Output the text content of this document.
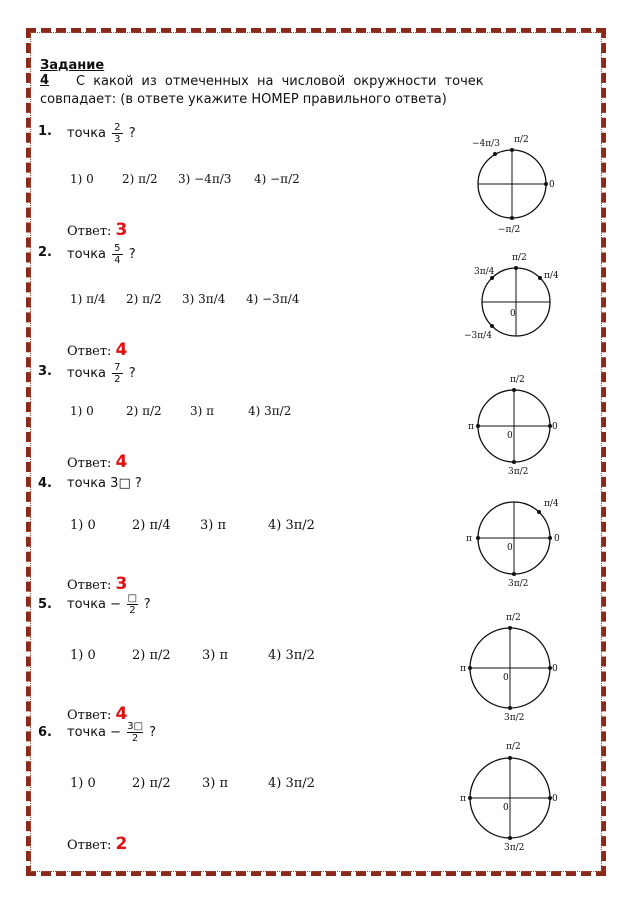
Задание
4 С какой из отмеченных на числовой окружности точек
совпадает: (в ответе укажите НОМЕР правильного ответа)
1. точка $\frac{2}{3}$ ?
1) 0 2) π/2 3) −4π/3 4) −π/2
Ответ: 3
π/2
0
−π/2
−4π/3
2. точка $\frac{5}{4}$ ?
1) π/4 2) π/2 3) 3π/4 4) −3π/4
Ответ: 4
π/2
3π/4	π/4
−3π/4
0
3. точка $\frac{7}{2}$ ?
1) 0	2) π/2 3) π	4) 3π/2
Ответ: 4
π/2
π	0
3π/2
0
4. точка 3□ ?
1) 0	2) π/4 3) π	4) 3π/2
Ответ: 3
π/4
π	0
3π/2
0
5. точка − $\frac{□}{2}$ ?
1) 0	2) π/2 3) π	4) 3π/2
Ответ: 4
π/2
π	0
3π/2
0
6. точка − $\frac{3□}{2}$ ?
1) 0	2) π/2 3) π	4) 3π/2
Ответ: 2
π/2
π	0
3π/2
0
